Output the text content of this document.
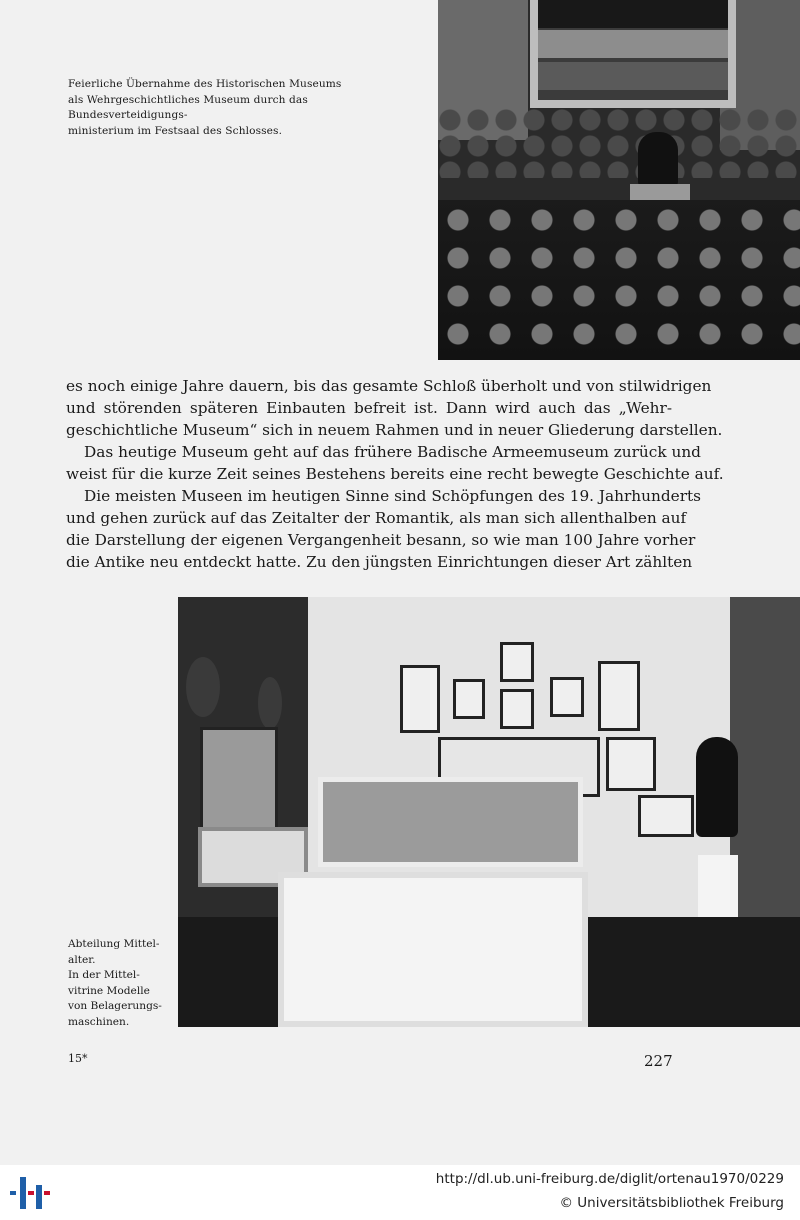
Feierliche Übernahme des Historischen Museums
als Wehrgeschichtliches Museum durch das Bundesverteidigungs-
ministerium im Festsaal des Schlosses.
es noch einige Jahre dauern, bis das gesamte Schloß überholt und von stilwidrigen
und störenden späteren Einbauten befreit ist. Dann wird auch das „Wehr-
geschichtliche Museum“ sich in neuem Rahmen und in neuer Gliederung darstellen.
Das heutige Museum geht auf das frühere Badische Armeemuseum zurück und
weist für die kurze Zeit seines Bestehens bereits eine recht bewegte Geschichte auf.
Die meisten Museen im heutigen Sinne sind Schöpfungen des 19. Jahrhunderts
und gehen zurück auf das Zeitalter der Romantik, als man sich allenthalben auf
die Darstellung der eigenen Vergangenheit besann, so wie man 100 Jahre vorher
die Antike neu entdeckt hatte. Zu den jüngsten Einrichtungen dieser Art zählten
Abteilung Mittel-
alter.
In der Mittel-
vitrine Modelle
von Belagerungs-
maschinen.
15*	227
http://dl.ub.uni-freiburg.de/diglit/ortenau1970/0229
© Universitätsbibliothek Freiburg
